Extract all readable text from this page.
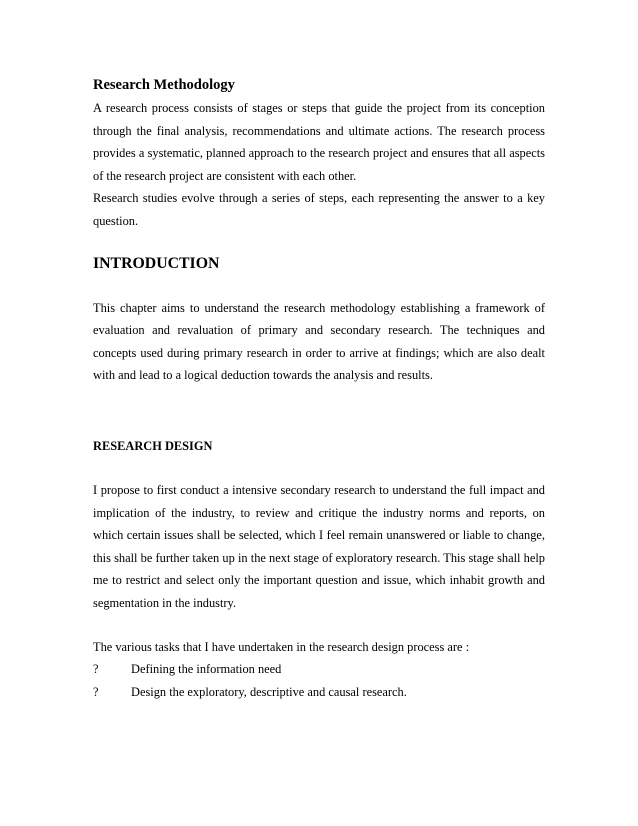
Research Methodology

A research process consists of stages or steps that guide the project from its conception through the final analysis, recommendations and ultimate actions. The research process provides a systematic, planned approach to the research project and ensures that all aspects of the research project are consistent with each other.

Research studies evolve through a series of steps, each representing the answer to a key question.

INTRODUCTION

This chapter aims to understand the research methodology establishing a framework of evaluation and revaluation of primary and secondary research. The techniques and concepts used during primary research in order to arrive at findings; which are also dealt with and lead to a logical deduction towards the analysis and results.

RESEARCH DESIGN

I propose to first conduct a intensive secondary research to understand the full impact and implication of the industry, to review and critique the industry norms and reports, on which certain issues shall be selected, which I feel remain unanswered or liable to change, this shall be further taken up in the next stage of exploratory research. This stage shall help me to restrict and select only the important question and issue, which inhabit growth and segmentation in the industry.

The various tasks that I have undertaken in the research design process are :

?	Defining the information need
?	Design the exploratory, descriptive and causal research.
